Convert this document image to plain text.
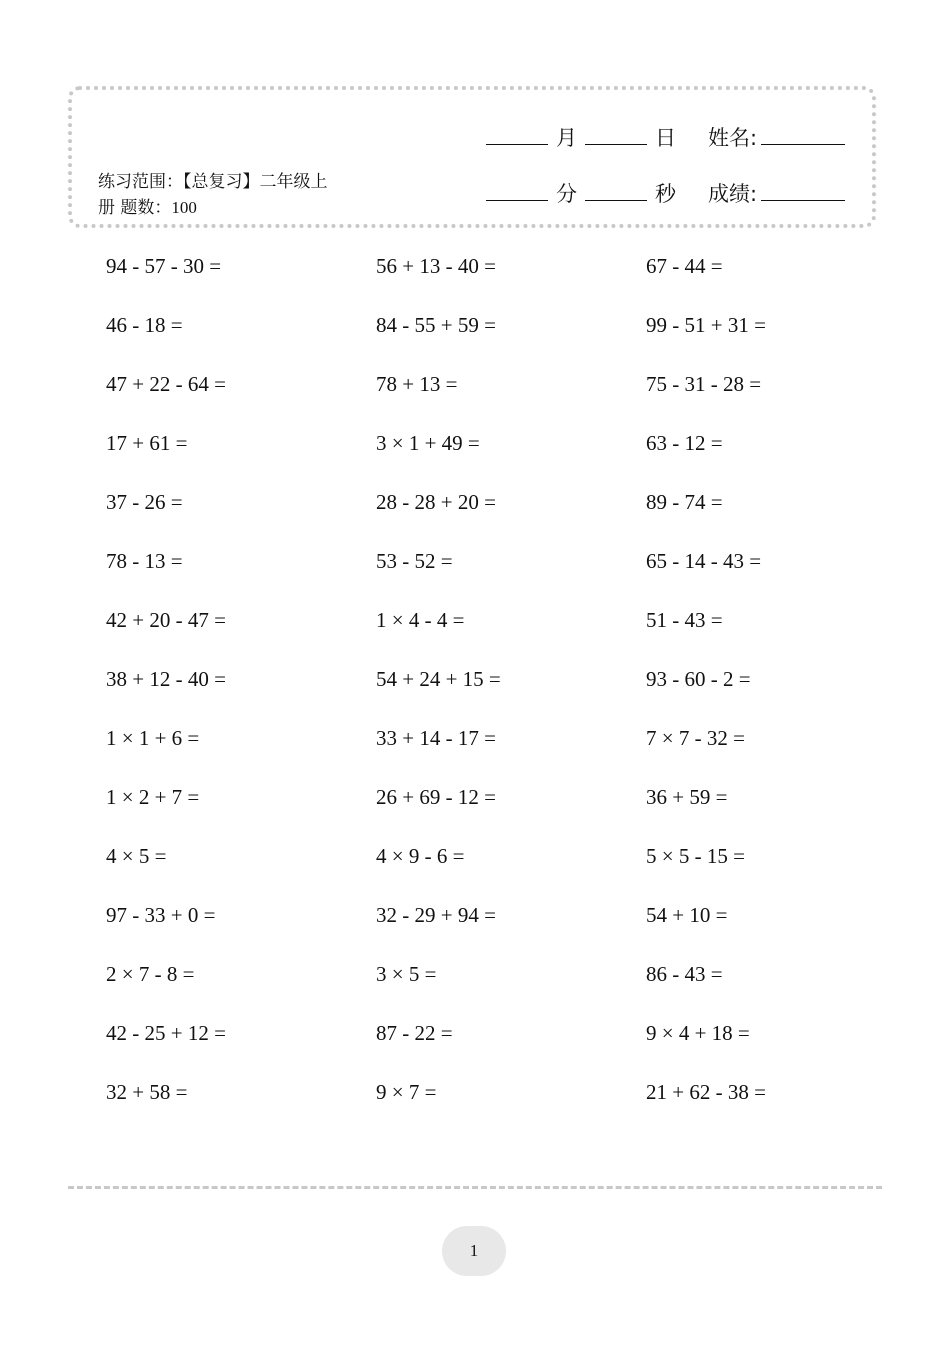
月	日 姓名:
分	秒 成绩:
练习范围：【总复习】二年级上
册 题数：100
94 - 57 - 30 =	56 + 13 - 40 =	67 - 44 =
46 - 18 =	84 - 55 + 59 =	99 - 51 + 31 =
47 + 22 - 64 =	78 + 13 =	75 - 31 - 28 =
17 + 61 =	3 × 1 + 49 =	63 - 12 =
37 - 26 =	28 - 28 + 20 =	89 - 74 =
78 - 13 =	53 - 52 =	65 - 14 - 43 =
42 + 20 - 47 =	1 × 4 - 4 =	51 - 43 =
38 + 12 - 40 =	54 + 24 + 15 =	93 - 60 - 2 =
1 × 1 + 6 =	33 + 14 - 17 =	7 × 7 - 32 =
1 × 2 + 7 =	26 + 69 - 12 =	36 + 59 =
4 × 5 =	4 × 9 - 6 =	5 × 5 - 15 =
97 - 33 + 0 =	32 - 29 + 94 =	54 + 10 =
2 × 7 - 8 =	3 × 5 =	86 - 43 =
42 - 25 + 12 =	87 - 22 =	9 × 4 + 18 =
32 + 58 =	9 × 7 =	21 + 62 - 38 =
1
